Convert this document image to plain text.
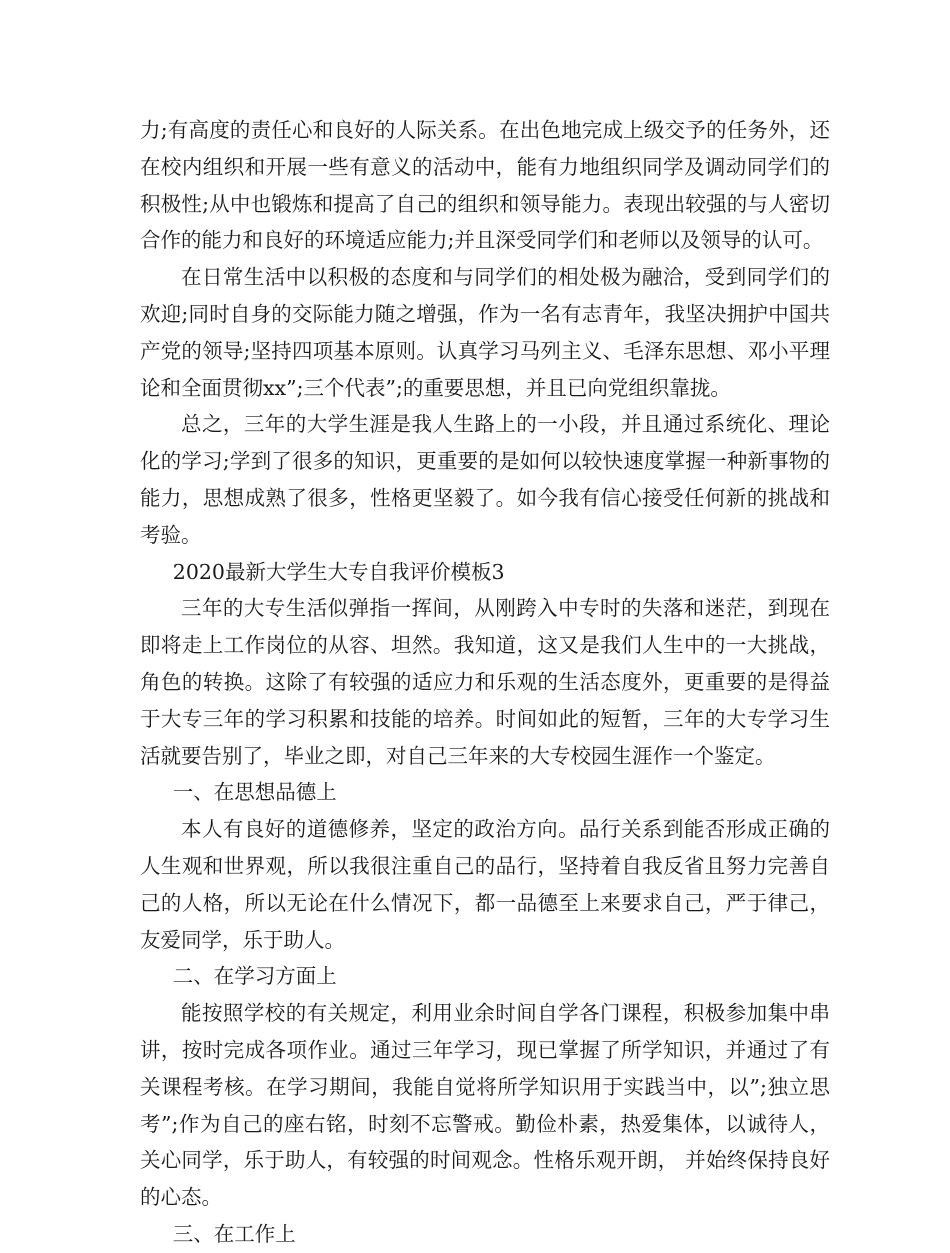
力;有高度的责任心和良好的人际关系。在出色地完成上级交予的任务外，还在校内组织和开展一些有意义的活动中，能有力地组织同学及调动同学们的积极性;从中也锻炼和提高了自己的组织和领导能力。表现出较强的与人密切合作的能力和良好的环境适应能力;并且深受同学们和老师以及领导的认可。

在日常生活中以积极的态度和与同学们的相处极为融洽，受到同学们的欢迎;同时自身的交际能力随之增强，作为一名有志青年，我坚决拥护中国共产党的领导;坚持四项基本原则。认真学习马列主义、毛泽东思想、邓小平理论和全面贯彻xx”;三个代表”;的重要思想，并且已向党组织靠拢。

总之，三年的大学生涯是我人生路上的一小段，并且通过系统化、理论化的学习;学到了很多的知识，更重要的是如何以较快速度掌握一种新事物的能力，思想成熟了很多，性格更坚毅了。如今我有信心接受任何新的挑战和考验。

2020最新大学生大专自我评价模板3

三年的大专生活似弹指一挥间，从刚跨入中专时的失落和迷茫，到现在即将走上工作岗位的从容、坦然。我知道，这又是我们人生中的一大挑战，角色的转换。这除了有较强的适应力和乐观的生活态度外，更重要的是得益于大专三年的学习积累和技能的培养。时间如此的短暂，三年的大专学习生活就要告别了，毕业之即，对自己三年来的大专校园生涯作一个鉴定。

一、在思想品德上

本人有良好的道德修养，坚定的政治方向。品行关系到能否形成正确的人生观和世界观，所以我很注重自己的品行，坚持着自我反省且努力完善自己的人格，所以无论在什么情况下，都一品德至上来要求自己，严于律己，友爱同学，乐于助人。

二、在学习方面上

能按照学校的有关规定，利用业余时间自学各门课程，积极参加集中串讲，按时完成各项作业。通过三年学习，现已掌握了所学知识，并通过了有关课程考核。在学习期间，我能自觉将所学知识用于实践当中，以”;独立思考”;作为自己的座右铭，时刻不忘警戒。勤俭朴素，热爱集体，以诚待人，关心同学，乐于助人，有较强的时间观念。性格乐观开朗， 并始终保持良好的心态。

三、在工作上
